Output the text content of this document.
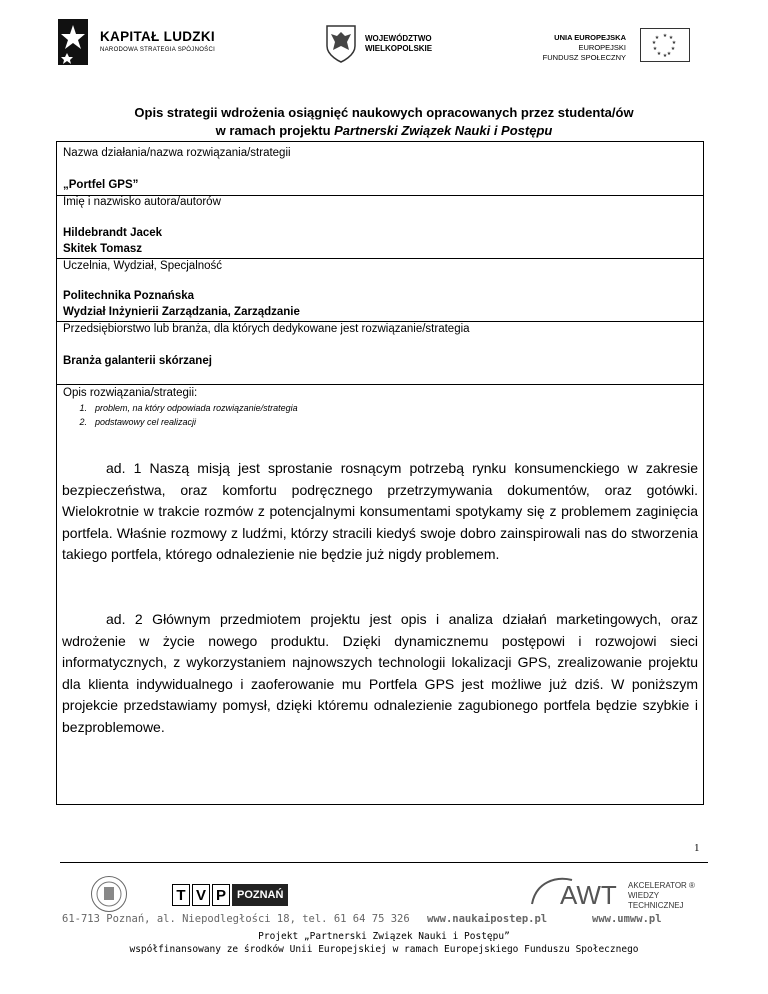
KAPITAŁ LUDZKI
NARODOWA STRATEGIA SPÓJNOŚCI
WOJEWÓDZTWO
WIELKOPOLSKIE
UNIA EUROPEJSKA
EUROPEJSKI
FUNDUSZ SPOŁECZNY
★ ★
★
★
★
★
★
★
★
★
Opis strategii wdrożenia osiągnięć naukowych opracowanych przez studenta/ów
w ramach projektu Partnerski Związek Nauki i Postępu
Nazwa działania/nazwa rozwiązania/strategii
„Portfel GPS”
Imię i nazwisko autora/autorów
Hildebrandt Jacek
Skitek Tomasz
Uczelnia, Wydział, Specjalność
Politechnika Poznańska
Wydział Inżynierii Zarządzania, Zarządzanie
Przedsiębiorstwo lub branża, dla których dedykowane jest rozwiązanie/strategia
Branża galanterii skórzanej
Opis rozwiązania/strategii:
1. problem, na który odpowiada rozwiązanie/strategia
2. podstawowy cel realizacji
ad. 1 Naszą misją jest sprostanie rosnącym potrzebą rynku konsumenckiego w zakresie bezpieczeństwa, oraz komfortu podręcznego przetrzymywania dokumentów, oraz gotówki. Wielokrotnie w trakcie rozmów z potencjalnymi konsumentami spotykamy się z problemem zaginięcia portfela. Właśnie rozmowy z ludźmi, którzy stracili kiedyś swoje dobro zainspirowali nas do stworzenia takiego portfela, którego odnalezienie nie będzie już nigdy problemem.
ad. 2 Głównym przedmiotem projektu jest opis i analiza działań marketingowych, oraz wdrożenie w życie nowego produktu. Dzięki dynamicznemu postępowi i rozwojowi sieci informatycznych, z wykorzystaniem najnowszych technologii lokalizacji GPS, zrealizowanie projektu dla klienta indywidualnego i zaoferowanie mu Portfela GPS jest możliwe już dziś. W poniższym projekcie przedstawiamy pomysł, dzięki któremu odnalezienie zagubionego portfela będzie szybkie i bezproblemowe.
1
T V P	POZNAŃ	AWT AKCELERATOR ®
WIEDZY
TECHNICZNEJ
61-713 Poznań, al. Niepodległości 18, tel. 61 64 75 326 www.naukaipostep.pl	www.umww.pl
Projekt „Partnerski Związek Nauki i Postępu”
współfinansowany ze środków Unii Europejskiej w ramach Europejskiego Funduszu Społecznego
